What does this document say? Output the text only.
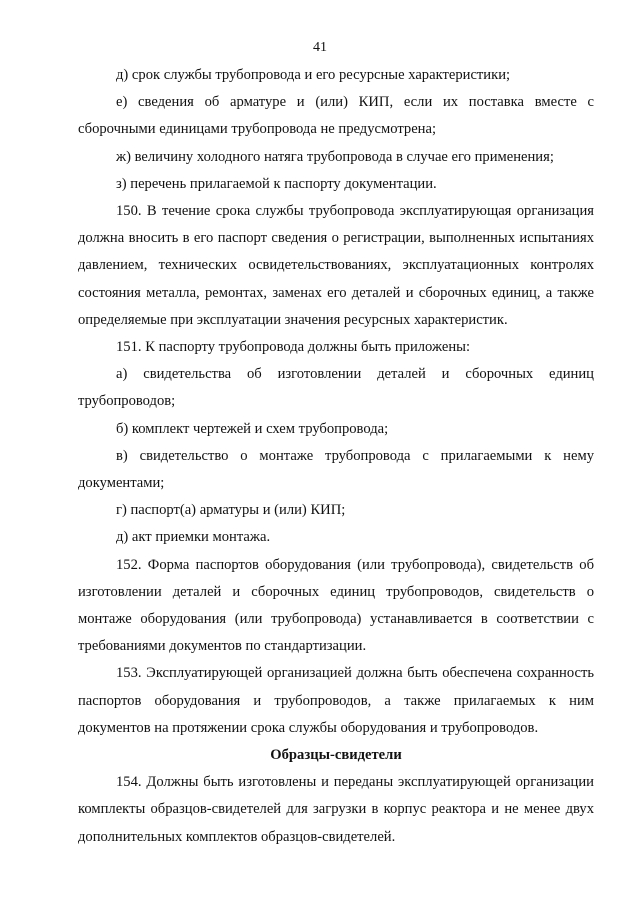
41

д) срок службы трубопровода и его ресурсные характеристики;

е) сведения об арматуре и (или) КИП, если их поставка вместе с сборочными единицами трубопровода не предусмотрена;

ж) величину холодного натяга трубопровода в случае его применения;

з) перечень прилагаемой к паспорту документации.

150. В течение срока службы трубопровода эксплуатирующая организация должна вносить в его паспорт сведения о регистрации, выполненных испытаниях давлением, технических освидетельствованиях, эксплуатационных контролях состояния металла, ремонтах, заменах его деталей и сборочных единиц, а также определяемые при эксплуатации значения ресурсных характеристик.

151. К паспорту трубопровода должны быть приложены:

а) свидетельства об изготовлении деталей и сборочных единиц трубопроводов;

б) комплект чертежей и схем трубопровода;

в) свидетельство о монтаже трубопровода с прилагаемыми к нему документами;

г) паспорт(а) арматуры и (или) КИП;

д) акт приемки монтажа.

152. Форма паспортов оборудования (или трубопровода), свидетельств об изготовлении деталей и сборочных единиц трубопроводов, свидетельств о монтаже оборудования (или трубопровода) устанавливается в соответствии с требованиями документов по стандартизации.

153. Эксплуатирующей организацией должна быть обеспечена сохранность паспортов оборудования и трубопроводов, а также прилагаемых к ним документов на протяжении срока службы оборудования и трубопроводов.

Образцы-свидетели

154. Должны быть изготовлены и переданы эксплуатирующей организации комплекты образцов-свидетелей для загрузки в корпус реактора и не менее двух дополнительных комплектов образцов-свидетелей.
